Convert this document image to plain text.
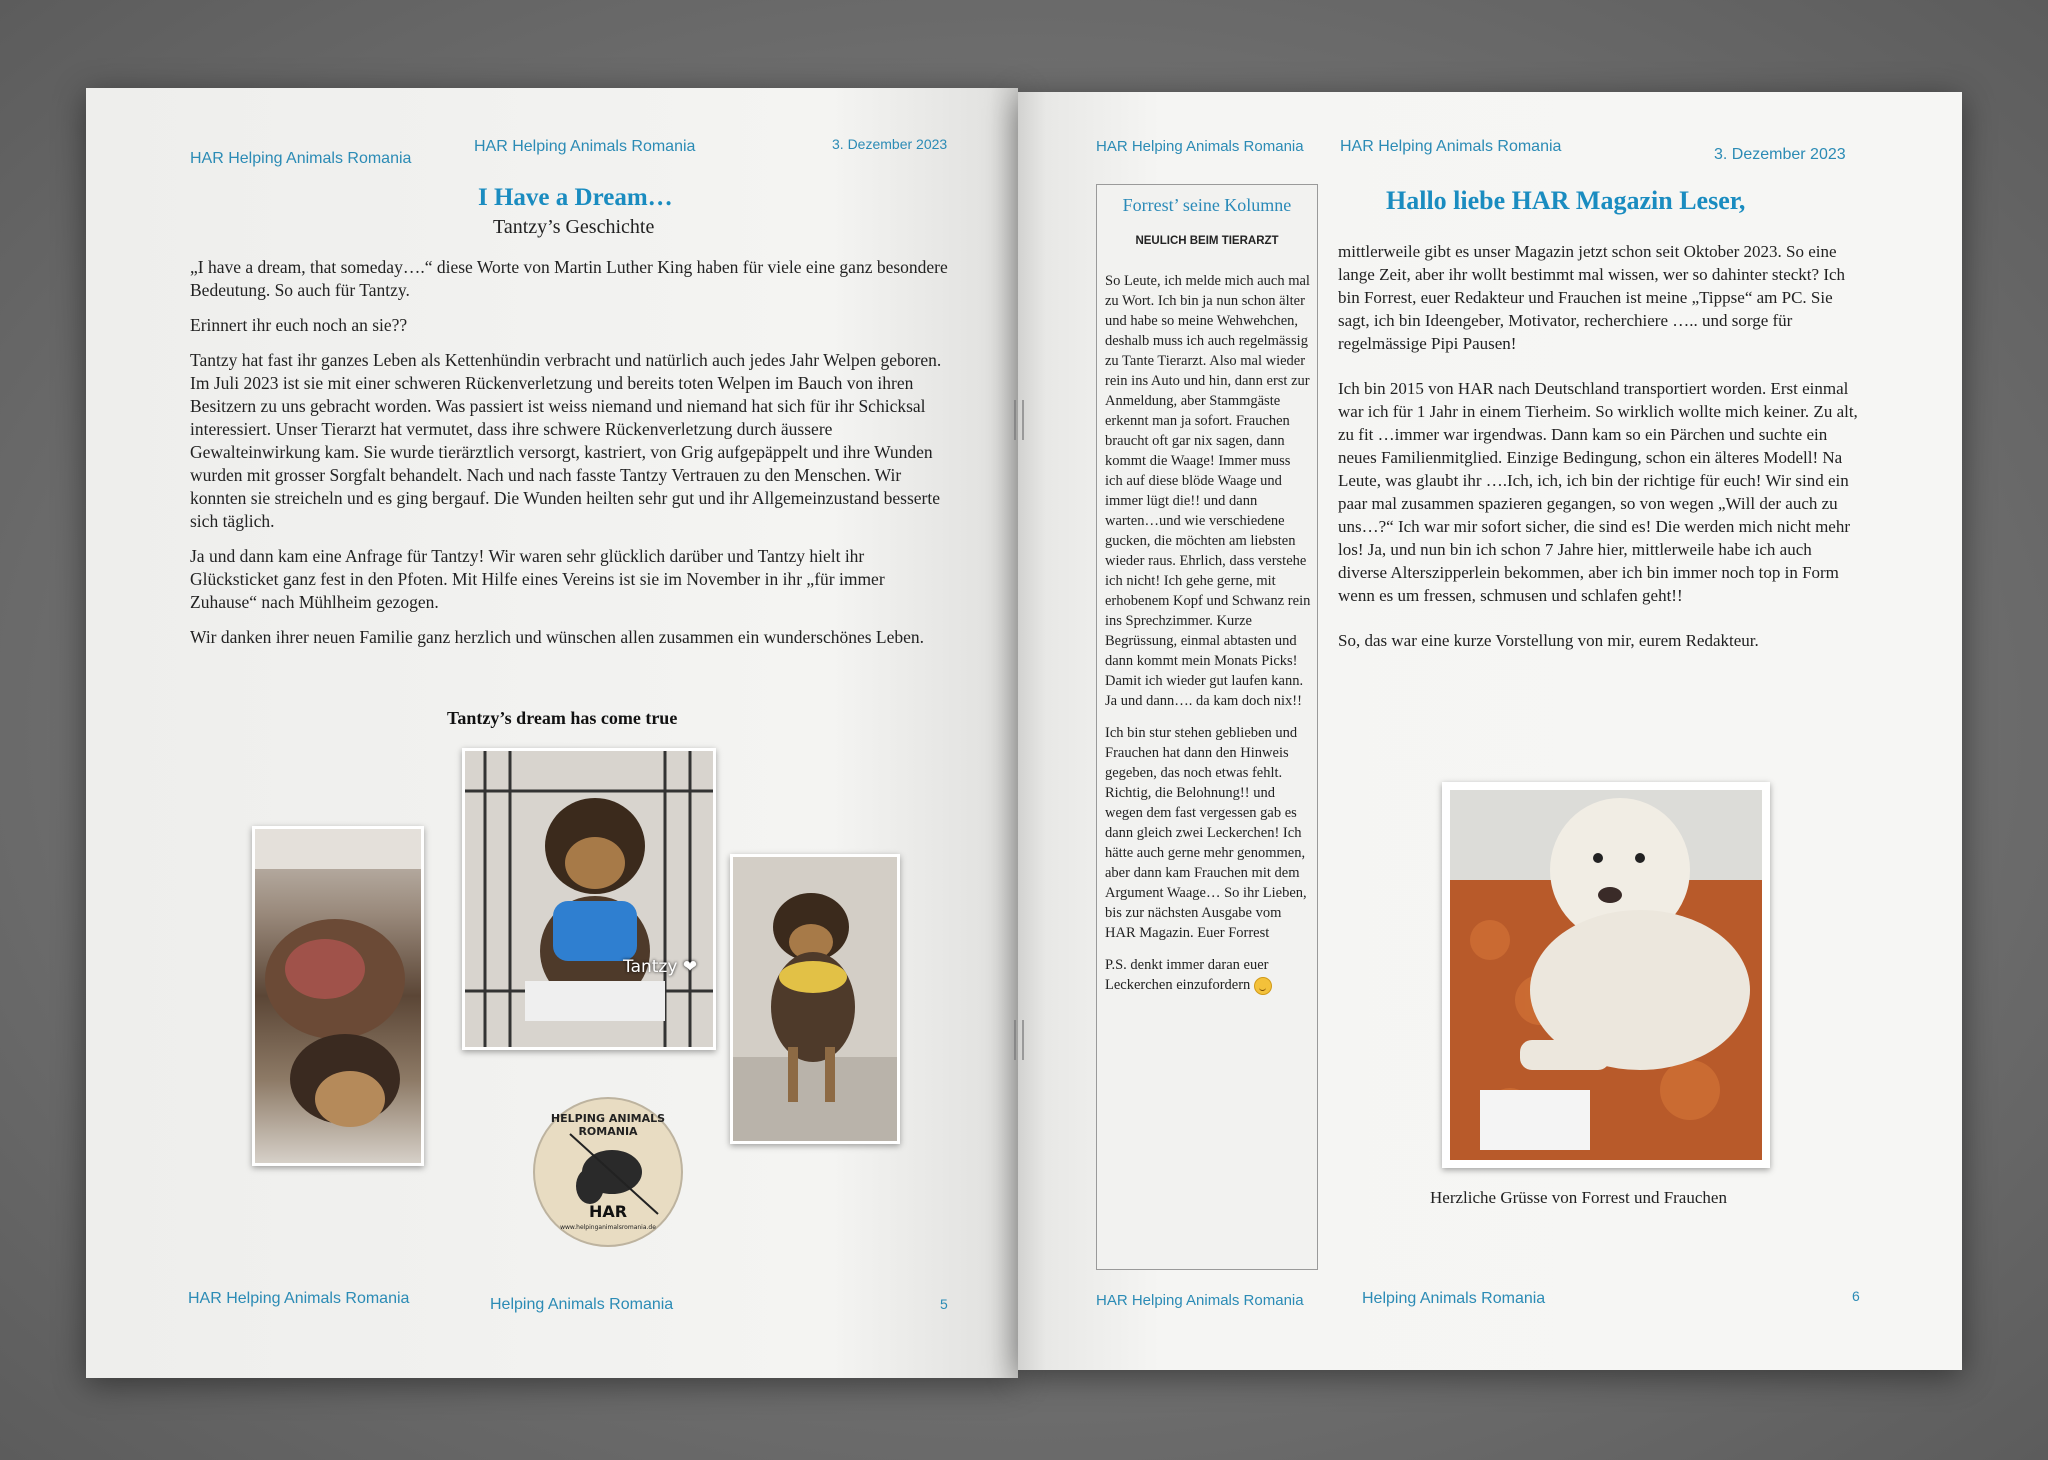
HAR Helping Animals Romania
HAR Helping Animals Romania	3. Dezember 2023
I Have a Dream…
Tantzy’s Geschichte

„I have a dream, that someday….“ diese Worte von Martin Luther King haben für viele eine ganz besondere Bedeutung. So auch für Tantzy.

Erinnert ihr euch noch an sie??

Tantzy hat fast ihr ganzes Leben als Kettenhündin verbracht und natürlich auch jedes Jahr Welpen geboren. Im Juli 2023 ist sie mit einer schweren Rückenverletzung und bereits toten Welpen im Bauch von ihren Besitzern zu uns gebracht worden. Was passiert ist weiss niemand und niemand hat sich für ihr Schicksal interessiert. Unser Tierarzt hat vermutet, dass ihre schwere Rückenverletzung durch äussere Gewalteinwirkung kam. Sie wurde tierärztlich versorgt, kastriert, von Grig aufgepäppelt und ihre Wunden wurden mit grosser Sorgfalt behandelt. Nach und nach fasste Tantzy Vertrauen zu den Menschen. Wir konnten sie streicheln und es ging bergauf. Die Wunden heilten sehr gut und ihr Allgemeinzustand besserte sich täglich.

Ja und dann kam eine Anfrage für Tantzy! Wir waren sehr glücklich darüber und Tantzy hielt ihr Glücksticket ganz fest in den Pfoten. Mit Hilfe eines Vereins ist sie im November in ihr „für immer Zuhause“ nach Mühlheim gezogen.

Wir danken ihrer neuen Familie ganz herzlich und wünschen allen zusammen ein wunderschönes Leben.

Tantzy’s dream has come true
Tantzy ❤
HELPING ANIMALS ROMANIA
HAR
www.helpinganimalsromania.de
HAR Helping Animals Romania	Helping Animals Romania	5
HAR Helping Animals Romania HAR Helping Animals Romania	3. Dezember 2023
Forrest’ seine Kolumne
NEULICH BEIM TIERARZT

So Leute, ich melde mich auch mal zu Wort. Ich bin ja nun schon älter und habe so meine Wehwehchen, deshalb muss ich auch regelmässig zu Tante Tierarzt. Also mal wieder rein ins Auto und hin, dann erst zur Anmeldung, aber Stammgäste erkennt man ja sofort. Frauchen braucht oft gar nix sagen, dann kommt die Waage! Immer muss ich auf diese blöde Waage und immer lügt die!! und dann warten…und wie verschiedene gucken, die möchten am liebsten wieder raus. Ehrlich, dass verstehe ich nicht! Ich gehe gerne, mit erhobenem Kopf und Schwanz rein ins Sprechzimmer. Kurze Begrüssung, einmal abtasten und dann kommt mein Monats Picks! Damit ich wieder gut laufen kann. Ja und dann…. da kam doch nix!!

Ich bin stur stehen geblieben und Frauchen hat dann den Hinweis gegeben, das noch etwas fehlt. Richtig, die Belohnung!! und wegen dem fast vergessen gab es dann gleich zwei Leckerchen! Ich hätte auch gerne mehr genommen, aber dann kam Frauchen mit dem Argument Waage… So ihr Lieben, bis zur nächsten Ausgabe vom HAR Magazin. Euer Forrest

P.S. denkt immer daran euer Leckerchen einzufordern

Hallo liebe HAR Magazin Leser,

mittlerweile gibt es unser Magazin jetzt schon seit Oktober 2023. So eine lange Zeit, aber ihr wollt bestimmt mal wissen, wer so dahinter steckt? Ich bin Forrest, euer Redakteur und Frauchen ist meine „Tippse“ am PC. Sie sagt, ich bin Ideengeber, Motivator, recherchiere ….. und sorge für regelmässige Pipi Pausen!

Ich bin 2015 von HAR nach Deutschland transportiert worden. Erst einmal war ich für 1 Jahr in einem Tierheim. So wirklich wollte mich keiner. Zu alt, zu fit …immer war irgendwas. Dann kam so ein Pärchen und suchte ein neues Familienmitglied. Einzige Bedingung, schon ein älteres Modell! Na Leute, was glaubt ihr ….Ich, ich, ich bin der richtige für euch! Wir sind ein paar mal zusammen spazieren gegangen, so von wegen „Will der auch zu uns…?“ Ich war mir sofort sicher, die sind es! Die werden mich nicht mehr los! Ja, und nun bin ich schon 7 Jahre hier, mittlerweile habe ich auch diverse Alterszipperlein bekommen, aber ich bin immer noch top in Form wenn es um fressen, schmusen und schlafen geht!!

So, das war eine kurze Vorstellung von mir, eurem Redakteur.

Herzliche Grüsse von Forrest und Frauchen
HAR Helping Animals Romania	Helping Animals Romania	6
